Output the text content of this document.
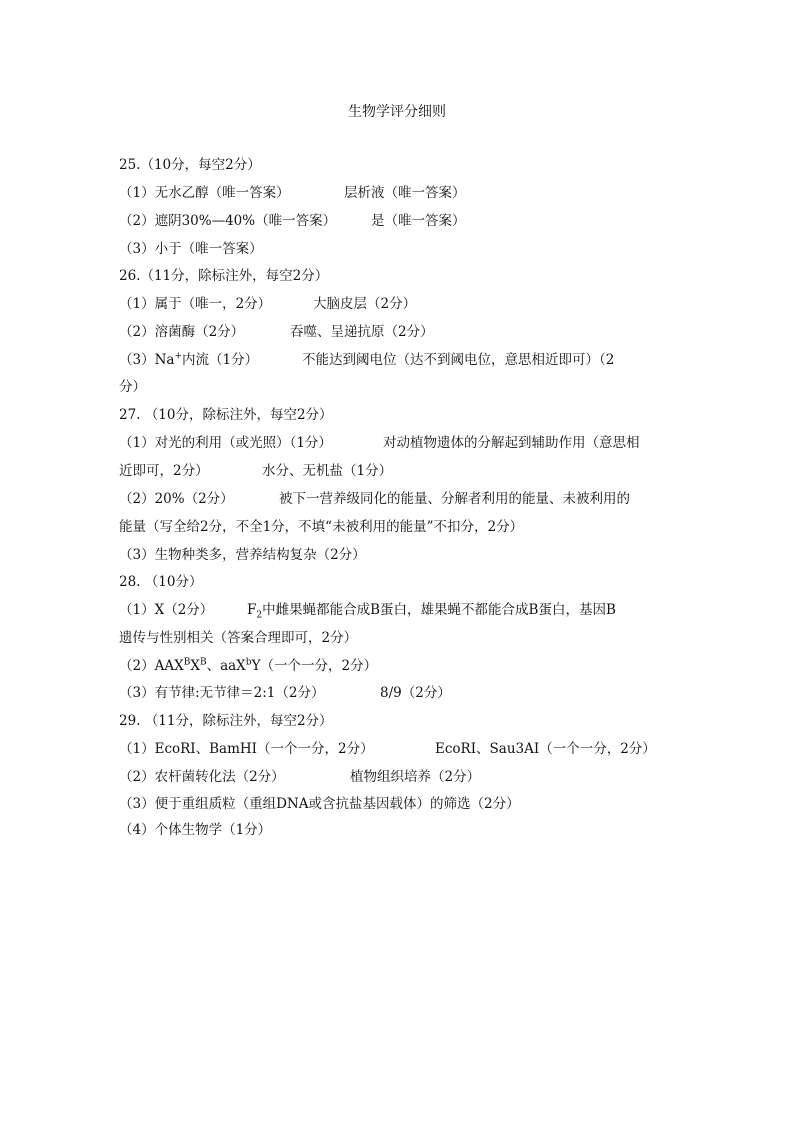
生物学评分细则
25.（10分，每空2分）
（1）无水乙醇（唯一答案）	层析液（唯一答案）
（2）遮阴30%—40%（唯一答案）	是（唯一答案）
（3）小于（唯一答案）
26.（11分，除标注外，每空2分）
（1）属于（唯一，2分）	大脑皮层（2分）
（2）溶菌酶（2分）	吞噬、呈递抗原（2分）
（3）Na+内流（1分）	不能达到阈电位（达不到阈电位，意思相近即可）（2
分）
27. （10分，除标注外，每空2分）
（1）对光的利用（或光照）（1分）	对动植物遗体的分解起到辅助作用（意思相
近即可，2分）	水分、无机盐（1分）
（2）20%（2分）	被下一营养级同化的能量、分解者利用的能量、未被利用的
能量（写全给2分，不全1分，不填“未被利用的能量”不扣分，2分）
（3）生物种类多，营养结构复杂（2分）
28. （10分）
（1）X（2分） $F_2$中雌果蝇都能合成B蛋白，雄果蝇不都能合成B蛋白，基因B
遗传与性别相关（答案合理即可，2分）
$(2)AAX^BX^B$、aaX$^b$Y（一个一分，2分）
（3）有节律:无节律＝2:1（2分）	8/9（2分）
29. （11分，除标注外，每空2分）
（1）EcoRI、BamHI（一个一分，2分）	EcoRI、Sau3AI（一个一分，2分）
（2）农杆菌转化法（2分）	植物组织培养（2分）
（3）便于重组质粒（重组DNA或含抗盐基因载体）的筛选（2分）
（4）个体生物学（1分）
